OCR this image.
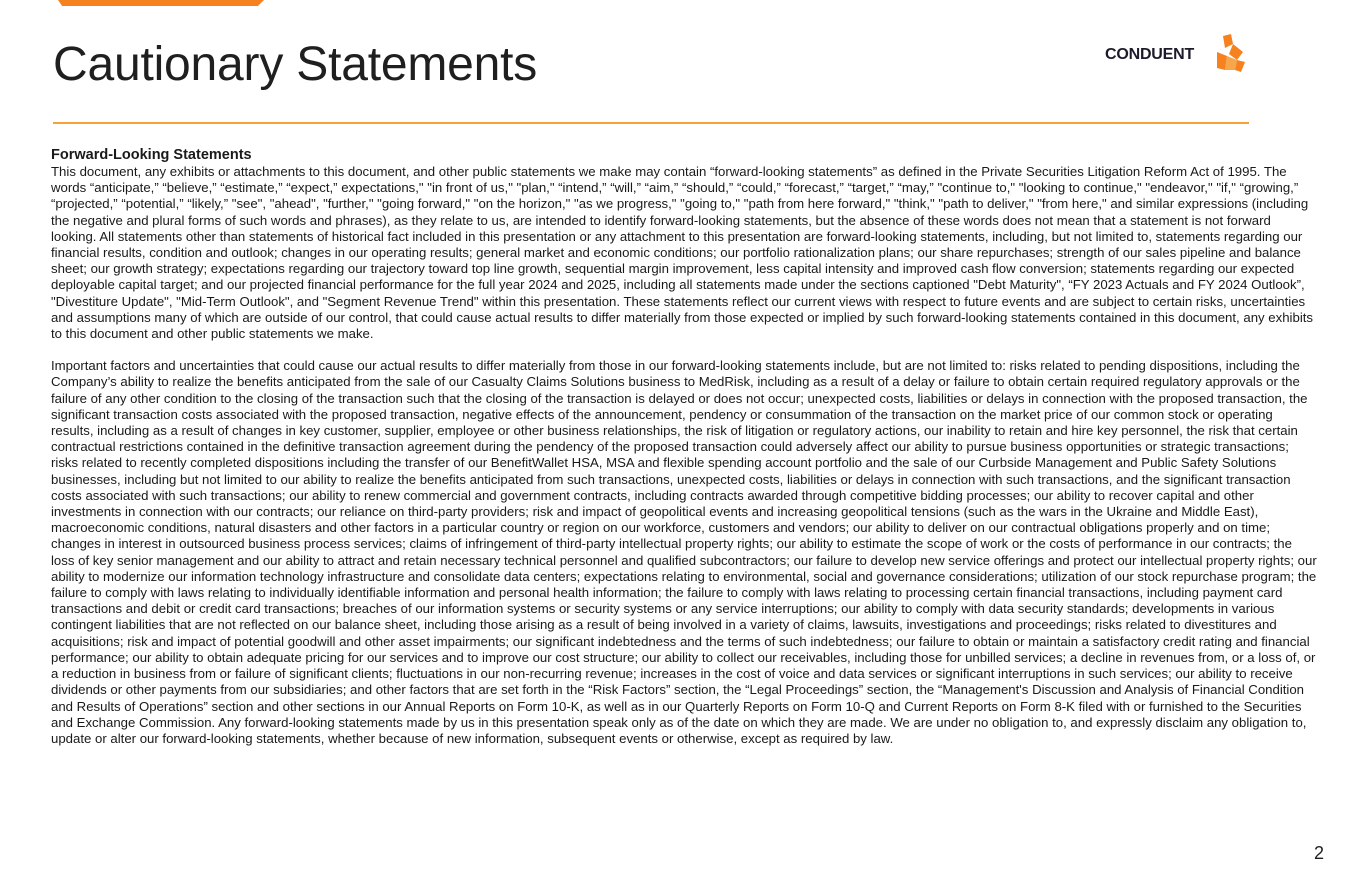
Cautionary Statements	CONDUENT
Forward-Looking Statements

This document, any exhibits or attachments to this document, and other public statements we make may contain “forward-looking statements” as defined in the Private Securities Litigation Reform Act of 1995. The words “anticipate,” “believe,” “estimate,” “expect,” expectations," "in front of us," "plan," “intend,” “will,” “aim,” “should,” “could,” “forecast,” “target,” “may,” "continue to," "looking to continue," "endeavor," "if," “growing,” “projected,” “potential,” “likely,” "see", "ahead", "further," "going forward," "on the horizon," "as we progress," "going to," "path from here forward," "think," "path to deliver," "from here," and similar expressions (including the negative and plural forms of such words and phrases), as they relate to us, are intended to identify forward-looking statements, but the absence of these words does not mean that a statement is not forward looking. All statements other than statements of historical fact included in this presentation or any attachment to this presentation are forward-looking statements, including, but not limited to, statements regarding our financial results, condition and outlook; changes in our operating results; general market and economic conditions; our portfolio rationalization plans; our share repurchases; strength of our sales pipeline and balance sheet; our growth strategy; expectations regarding our trajectory toward top line growth, sequential margin improvement, less capital intensity and improved cash flow conversion; statements regarding our expected deployable capital target; and our projected financial performance for the full year 2024 and 2025, including all statements made under the sections captioned "Debt Maturity", “FY 2023 Actuals and FY 2024 Outlook”, "Divestiture Update", "Mid-Term Outlook", and "Segment Revenue Trend" within this presentation. These statements reflect our current views with respect to future events and are subject to certain risks, uncertainties and assumptions many of which are outside of our control, that could cause actual results to differ materially from those expected or implied by such forward-looking statements contained in this document, any exhibits to this document and other public statements we make.

Important factors and uncertainties that could cause our actual results to differ materially from those in our forward-looking statements include, but are not limited to: risks related to pending dispositions, including the Company’s ability to realize the benefits anticipated from the sale of our Casualty Claims Solutions business to MedRisk, including as a result of a delay or failure to obtain certain required regulatory approvals or the failure of any other condition to the closing of the transaction such that the closing of the transaction is delayed or does not occur; unexpected costs, liabilities or delays in connection with the proposed transaction, the significant transaction costs associated with the proposed transaction, negative effects of the announcement, pendency or consummation of the transaction on the market price of our common stock or operating results, including as a result of changes in key customer, supplier, employee or other business relationships, the risk of litigation or regulatory actions, our inability to retain and hire key personnel, the risk that certain contractual restrictions contained in the definitive transaction agreement during the pendency of the proposed transaction could adversely affect our ability to pursue business opportunities or strategic transactions; risks related to recently completed dispositions including the transfer of our BenefitWallet HSA, MSA and flexible spending account portfolio and the sale of our Curbside Management and Public Safety Solutions businesses, including but not limited to our ability to realize the benefits anticipated from such transactions, unexpected costs, liabilities or delays in connection with such transactions, and the significant transaction costs associated with such transactions; our ability to renew commercial and government contracts, including contracts awarded through competitive bidding processes; our ability to recover capital and other investments in connection with our contracts; our reliance on third-party providers; risk and impact of geopolitical events and increasing geopolitical tensions (such as the wars in the Ukraine and Middle East), macroeconomic conditions, natural disasters and other factors in a particular country or region on our workforce, customers and vendors; our ability to deliver on our contractual obligations properly and on time; changes in interest in outsourced business process services; claims of infringement of third-party intellectual property rights; our ability to estimate the scope of work or the costs of performance in our contracts; the loss of key senior management and our ability to attract and retain necessary technical personnel and qualified subcontractors; our failure to develop new service offerings and protect our intellectual property rights; our ability to modernize our information technology infrastructure and consolidate data centers; expectations relating to environmental, social and governance considerations; utilization of our stock repurchase program; the failure to comply with laws relating to individually identifiable information and personal health information; the failure to comply with laws relating to processing certain financial transactions, including payment card transactions and debit or credit card transactions; breaches of our information systems or security systems or any service interruptions; our ability to comply with data security standards; developments in various contingent liabilities that are not reflected on our balance sheet, including those arising as a result of being involved in a variety of claims, lawsuits, investigations and proceedings; risks related to divestitures and acquisitions; risk and impact of potential goodwill and other asset impairments; our significant indebtedness and the terms of such indebtedness; our failure to obtain or maintain a satisfactory credit rating and financial performance; our ability to obtain adequate pricing for our services and to improve our cost structure; our ability to collect our receivables, including those for unbilled services; a decline in revenues from, or a loss of, or a reduction in business from or failure of significant clients; fluctuations in our non-recurring revenue; increases in the cost of voice and data services or significant interruptions in such services; our ability to receive dividends or other payments from our subsidiaries; and other factors that are set forth in the “Risk Factors” section, the “Legal Proceedings” section, the “Management's Discussion and Analysis of Financial Condition and Results of Operations” section and other sections in our Annual Reports on Form 10-K, as well as in our Quarterly Reports on Form 10-Q and Current Reports on Form 8-K filed with or furnished to the Securities and Exchange Commission. Any forward-looking statements made by us in this presentation speak only as of the date on which they are made. We are under no obligation to, and expressly disclaim any obligation to, update or alter our forward-looking statements, whether because of new information, subsequent events or otherwise, except as required by law.

2
